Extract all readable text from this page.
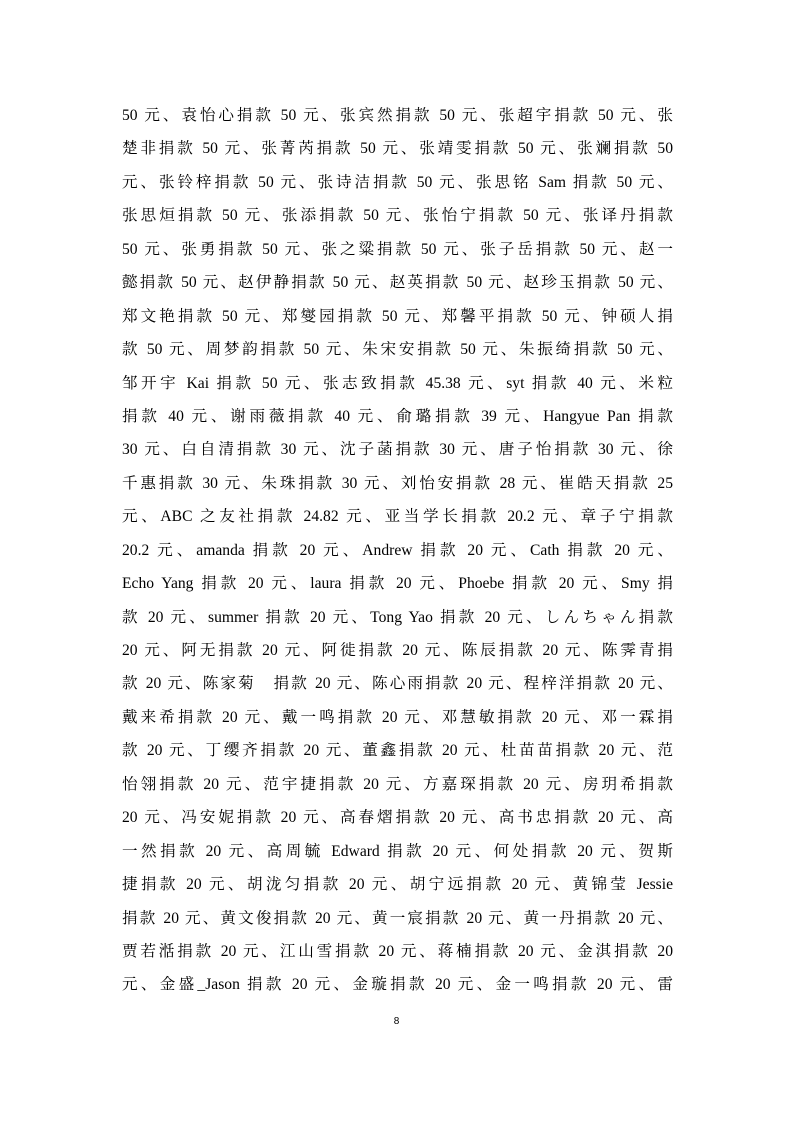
50 元、袁怡心捐款 50 元、张宾然捐款 50 元、张超宇捐款 50 元、张
楚非捐款 50 元、张菁芮捐款 50 元、张靖雯捐款 50 元、张斓捐款 50
元、张铃梓捐款 50 元、张诗洁捐款 50 元、张思铭 Sam 捐款 50 元、
张思烜捐款 50 元、张添捐款 50 元、张怡宁捐款 50 元、张译丹捐款
50 元、张勇捐款 50 元、张之粱捐款 50 元、张子岳捐款 50 元、赵一
懿捐款 50 元、赵伊静捐款 50 元、赵英捐款 50 元、赵珍玉捐款 50 元、
郑文艳捐款 50 元、郑燮园捐款 50 元、郑馨平捐款 50 元、钟硕人捐
款 50 元、周梦韵捐款 50 元、朱宋安捐款 50 元、朱振绮捐款 50 元、
邹开宇 Kai 捐款 50 元、张志致捐款 45.38 元、syt 捐款 40 元、米粒
捐款 40 元、谢雨薇捐款 40 元、俞璐捐款 39 元、Hangyue Pan 捐款
30 元、白自清捐款 30 元、沈子菡捐款 30 元、唐子怡捐款 30 元、徐
千惠捐款 30 元、朱珠捐款 30 元、刘怡安捐款 28 元、崔皓天捐款 25
元、ABC 之友社捐款 24.82 元、亚当学长捐款 20.2 元、章子宁捐款
20.2 元、amanda 捐款 20 元、Andrew 捐款 20 元、Cath 捐款 20 元、
Echo Yang 捐款 20 元、laura 捐款 20 元、Phoebe 捐款 20 元、Smy 捐
款 20 元、summer 捐款 20 元、Tong Yao 捐款 20 元、しんちゃん捐款
20 元、阿无捐款 20 元、阿徙捐款 20 元、陈辰捐款 20 元、陈霁青捐
款 20 元、陈家菊　捐款 20 元、陈心雨捐款 20 元、程梓洋捐款 20 元、
戴来希捐款 20 元、戴一鸣捐款 20 元、邓慧敏捐款 20 元、邓一霖捐
款 20 元、丁缨齐捐款 20 元、董鑫捐款 20 元、杜苗苗捐款 20 元、范
怡翎捐款 20 元、范宇捷捐款 20 元、方嘉琛捐款 20 元、房玥希捐款
20 元、冯安妮捐款 20 元、高春熠捐款 20 元、高书忠捐款 20 元、高
一然捐款 20 元、高周毓 Edward 捐款 20 元、何处捐款 20 元、贺斯
捷捐款 20 元、胡泷匀捐款 20 元、胡宁远捐款 20 元、黄锦莹 Jessie
捐款 20 元、黄文俊捐款 20 元、黄一宸捐款 20 元、黄一丹捐款 20 元、
贾若湉捐款 20 元、江山雪捐款 20 元、蒋楠捐款 20 元、金淇捐款 20
元、金盛_Jason 捐款 20 元、金璇捐款 20 元、金一鸣捐款 20 元、雷
8
